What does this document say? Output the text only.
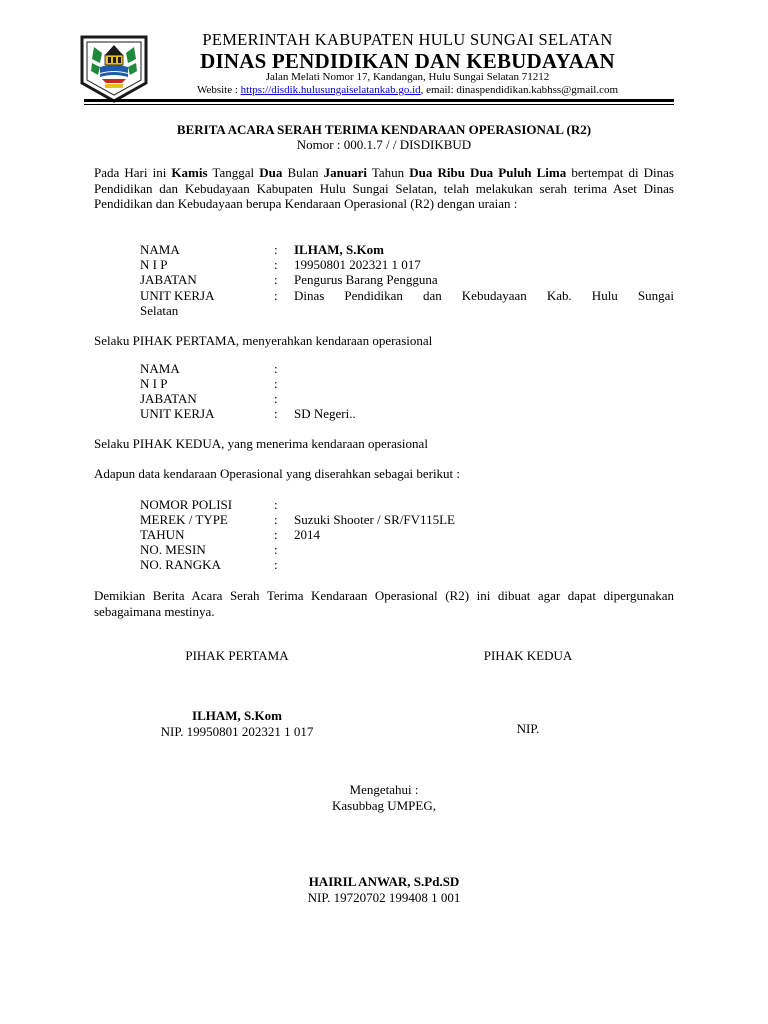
PEMERINTAH KABUPATEN HULU SUNGAI SELATAN
DINAS PENDIDIKAN DAN KEBUDAYAAN
Jalan Melati Nomor 17, Kandangan, Hulu Sungai Selatan 71212
Website : https://disdik.hulusungaiselatankab.go.id, email: dinaspendidikan.kabhss@gmail.com
BERITA ACARA SERAH TERIMA KENDARAAN OPERASIONAL (R2)
Nomor : 000.1.7 / / DISDIKBUD
Pada Hari ini Kamis Tanggal Dua Bulan Januari Tahun Dua Ribu Dua Puluh Lima bertempat di Dinas Pendidikan dan Kebudayaan Kabupaten Hulu Sungai Selatan, telah melakukan serah terima Aset Dinas Pendidikan dan Kebudayaan berupa Kendaraan Operasional (R2) dengan uraian :
NAMA	: ILHAM, S.Kom
N I P	: 19950801 202321 1 017
JABATAN	: Pengurus Barang Pengguna
UNIT KERJA	: Dinas Pendidikan dan Kebudayaan Kab. Hulu Sungai
Selatan
Selaku PIHAK PERTAMA, menyerahkan kendaraan operasional
NAMA	:
N I P	:
JABATAN	:
UNIT KERJA	: SD Negeri..
Selaku PIHAK KEDUA, yang menerima kendaraan operasional
Adapun data kendaraan Operasional yang diserahkan sebagai berikut :
NOMOR POLISI	:
MEREK / TYPE	: Suzuki Shooter / SR/FV115LE
TAHUN	: 2014
NO. MESIN	:
NO. RANGKA	:
Demikian Berita Acara Serah Terima Kendaraan Operasional (R2) ini dibuat agar dapat dipergunakan sebagaimana mestinya.
PIHAK PERTAMA	PIHAK KEDUA
ILHAM, S.Kom
NIP. 19950801 202321 1 017	NIP.
Mengetahui :
Kasubbag UMPEG,
HAIRIL ANWAR, S.Pd.SD
NIP. 19720702 199408 1 001
